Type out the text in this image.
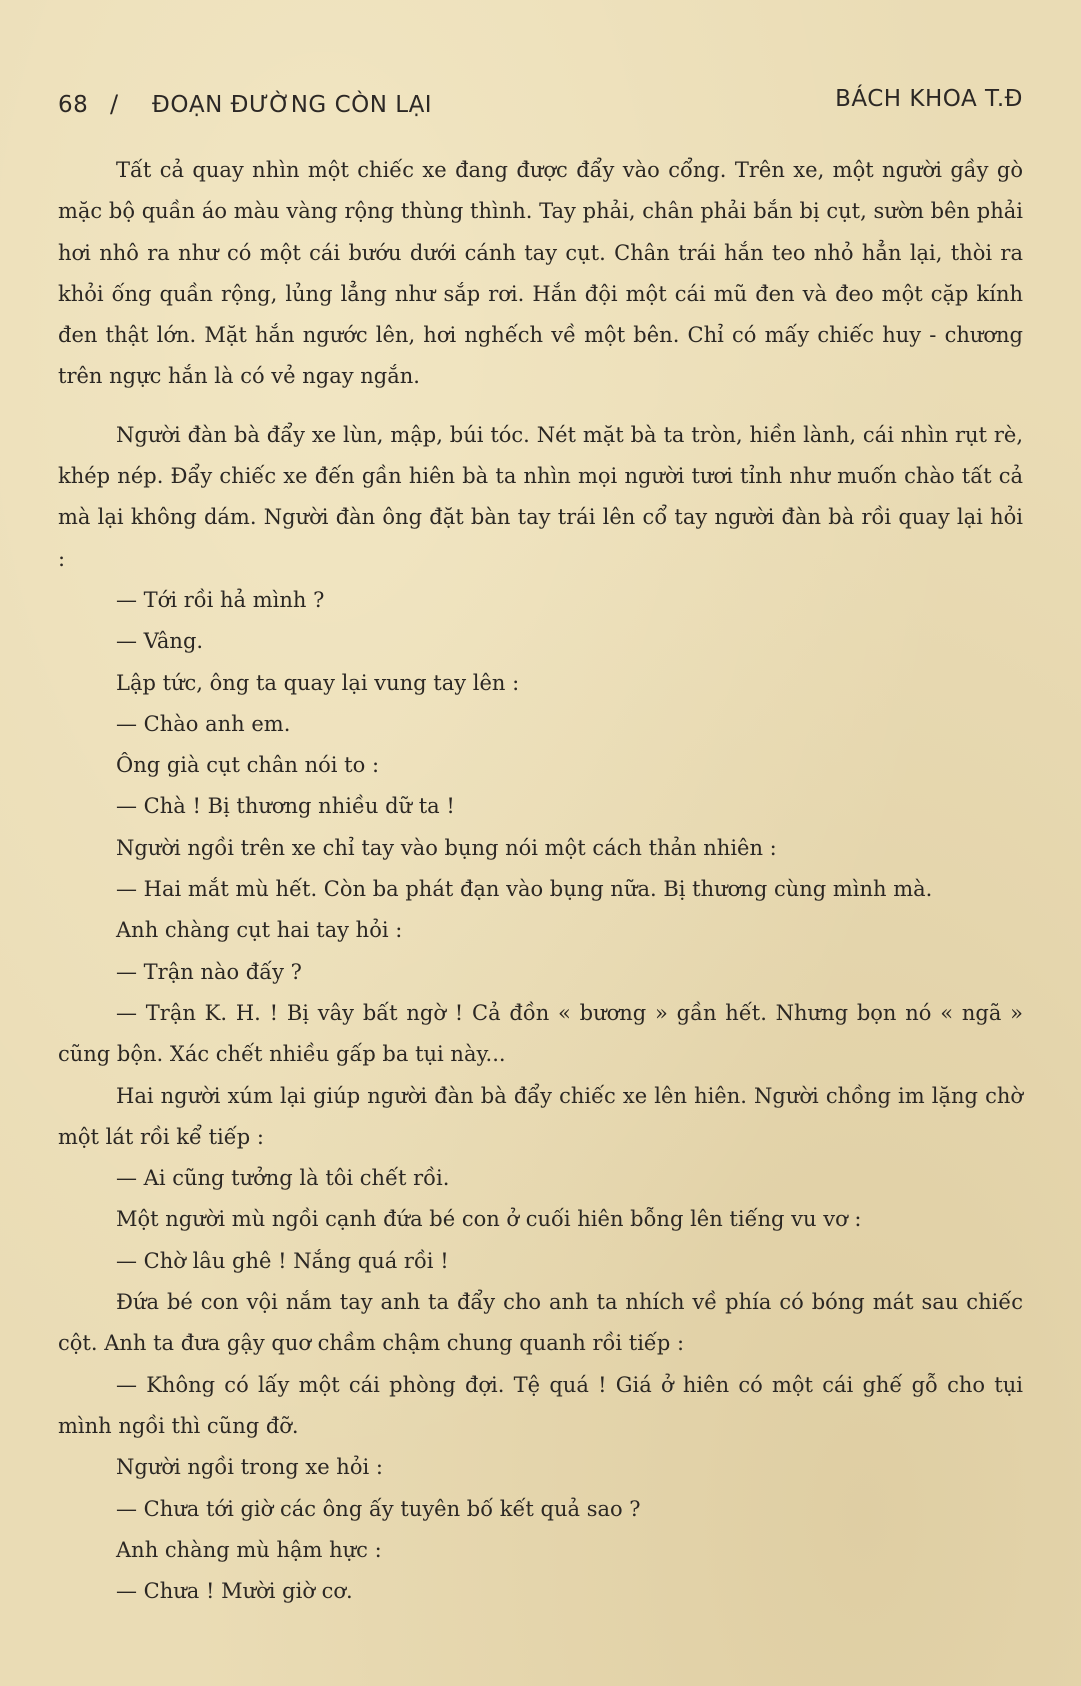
68 / ĐOẠN ĐƯỜNG CÒN LẠI	BÁCH KHOA T.Đ

Tất cả quay nhìn một chiếc xe đang được đẩy vào cổng. Trên xe, một người gầy gò mặc bộ quần áo màu vàng rộng thùng thình. Tay phải, chân phải bắn bị cụt, sườn bên phải hơi nhô ra như có một cái bướu dưới cánh tay cụt. Chân trái hắn teo nhỏ hẳn lại, thòi ra khỏi ống quần rộng, lủng lẳng như sắp rơi. Hắn đội một cái mũ đen và đeo một cặp kính đen thật lớn. Mặt hắn ngước lên, hơi nghếch về một bên. Chỉ có mấy chiếc huy - chương trên ngực hắn là có vẻ ngay ngắn.

Người đàn bà đẩy xe lùn, mập, búi tóc. Nét mặt bà ta tròn, hiền lành, cái nhìn rụt rè, khép nép. Đẩy chiếc xe đến gần hiên bà ta nhìn mọi người tươi tỉnh như muốn chào tất cả mà lại không dám. Người đàn ông đặt bàn tay trái lên cổ tay người đàn bà rồi quay lại hỏi :

— Tới rồi hả mình ?

— Vâng.

Lập tức, ông ta quay lại vung tay lên :

— Chào anh em.

Ông già cụt chân nói to :

— Chà ! Bị thương nhiều dữ ta !

Người ngồi trên xe chỉ tay vào bụng nói một cách thản nhiên :

— Hai mắt mù hết. Còn ba phát đạn vào bụng nữa. Bị thương cùng mình mà.

Anh chàng cụt hai tay hỏi :

— Trận nào đấy ?

— Trận K. H. ! Bị vây bất ngờ ! Cả đồn « bương » gần hết. Nhưng bọn nó « ngã » cũng bộn. Xác chết nhiều gấp ba tụi này...

Hai người xúm lại giúp người đàn bà đẩy chiếc xe lên hiên. Người chồng im lặng chờ một lát rồi kể tiếp :

— Ai cũng tưởng là tôi chết rồi.

Một người mù ngồi cạnh đứa bé con ở cuối hiên bỗng lên tiếng vu vơ :

— Chờ lâu ghê ! Nắng quá rồi !

Đứa bé con vội nắm tay anh ta đẩy cho anh ta nhích về phía có bóng mát sau chiếc cột. Anh ta đưa gậy quơ chầm chậm chung quanh rồi tiếp :

— Không có lấy một cái phòng đợi. Tệ quá ! Giá ở hiên có một cái ghế gỗ cho tụi mình ngồi thì cũng đỡ.

Người ngồi trong xe hỏi :

— Chưa tới giờ các ông ấy tuyên bố kết quả sao ?

Anh chàng mù hậm hực :

— Chưa ! Mười giờ cơ.
